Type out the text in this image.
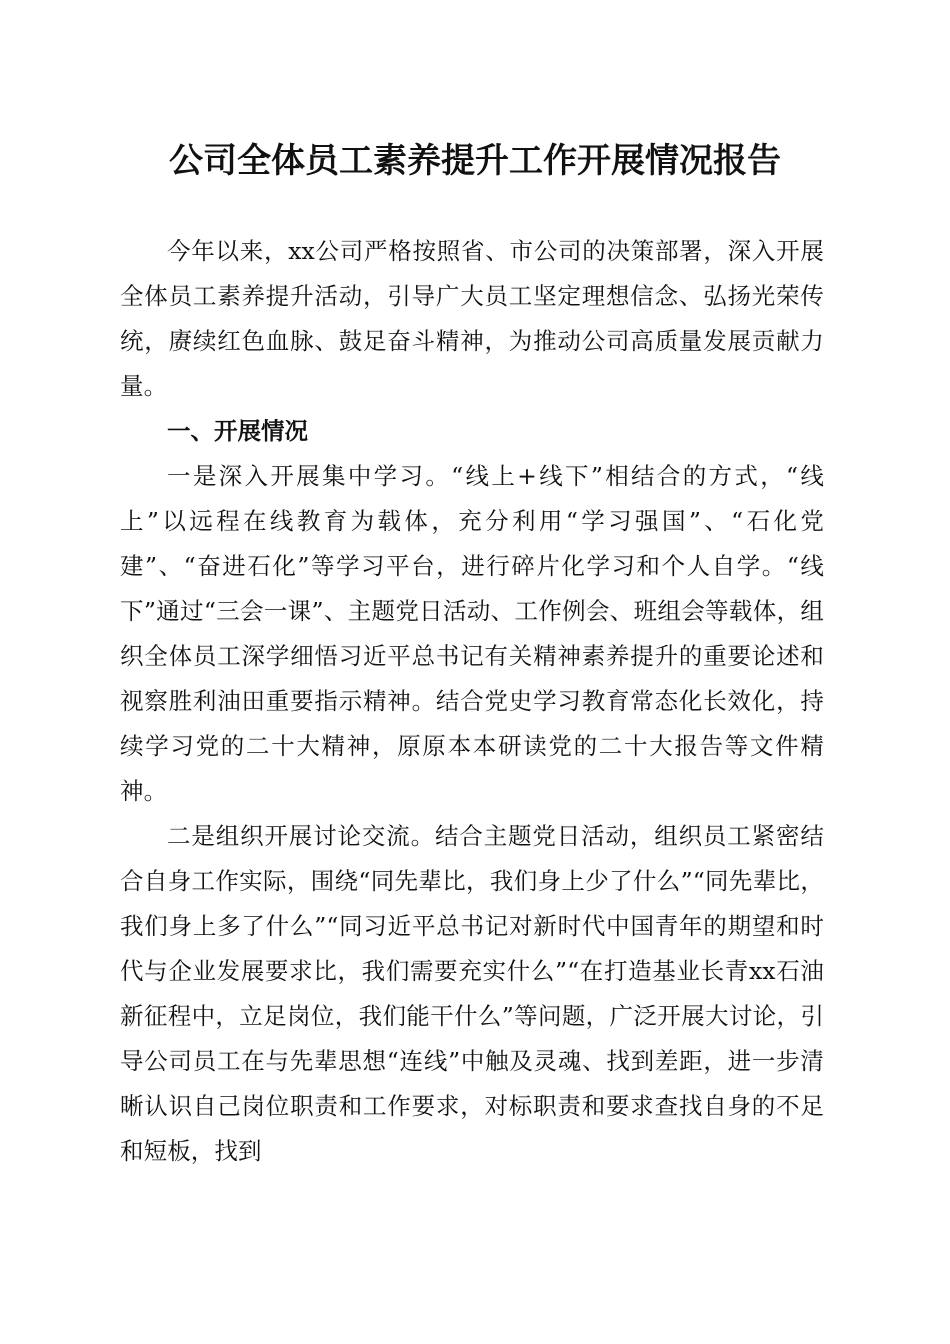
公司全体员工素养提升工作开展情况报告

今年以来，xx公司严格按照省、市公司的决策部署，深入开展全体员工素养提升活动，引导广大员工坚定理想信念、弘扬光荣传统，赓续红色血脉、鼓足奋斗精神，为推动公司高质量发展贡献力量。

一、开展情况

一是深入开展集中学习。“线上+线下”相结合的方式，“线上”以远程在线教育为载体，充分利用“学习强国”、“石化党建”、“奋进石化”等学习平台，进行碎片化学习和个人自学。“线下”通过“三会一课”、主题党日活动、工作例会、班组会等载体，组织全体员工深学细悟习近平总书记有关精神素养提升的重要论述和视察胜利油田重要指示精神。结合党史学习教育常态化长效化，持续学习党的二十大精神，原原本本研读党的二十大报告等文件精神。

二是组织开展讨论交流。结合主题党日活动，组织员工紧密结合自身工作实际，围绕“同先辈比，我们身上少了什么”“同先辈比，我们身上多了什么”“同习近平总书记对新时代中国青年的期望和时代与企业发展要求比，我们需要充实什么”“在打造基业长青xx石油新征程中，立足岗位，我们能干什么”等问题，广泛开展大讨论，引导公司员工在与先辈思想“连线”中触及灵魂、找到差距，进一步清晰认识自己岗位职责和工作要求，对标职责和要求查找自身的不足和短板，找到
